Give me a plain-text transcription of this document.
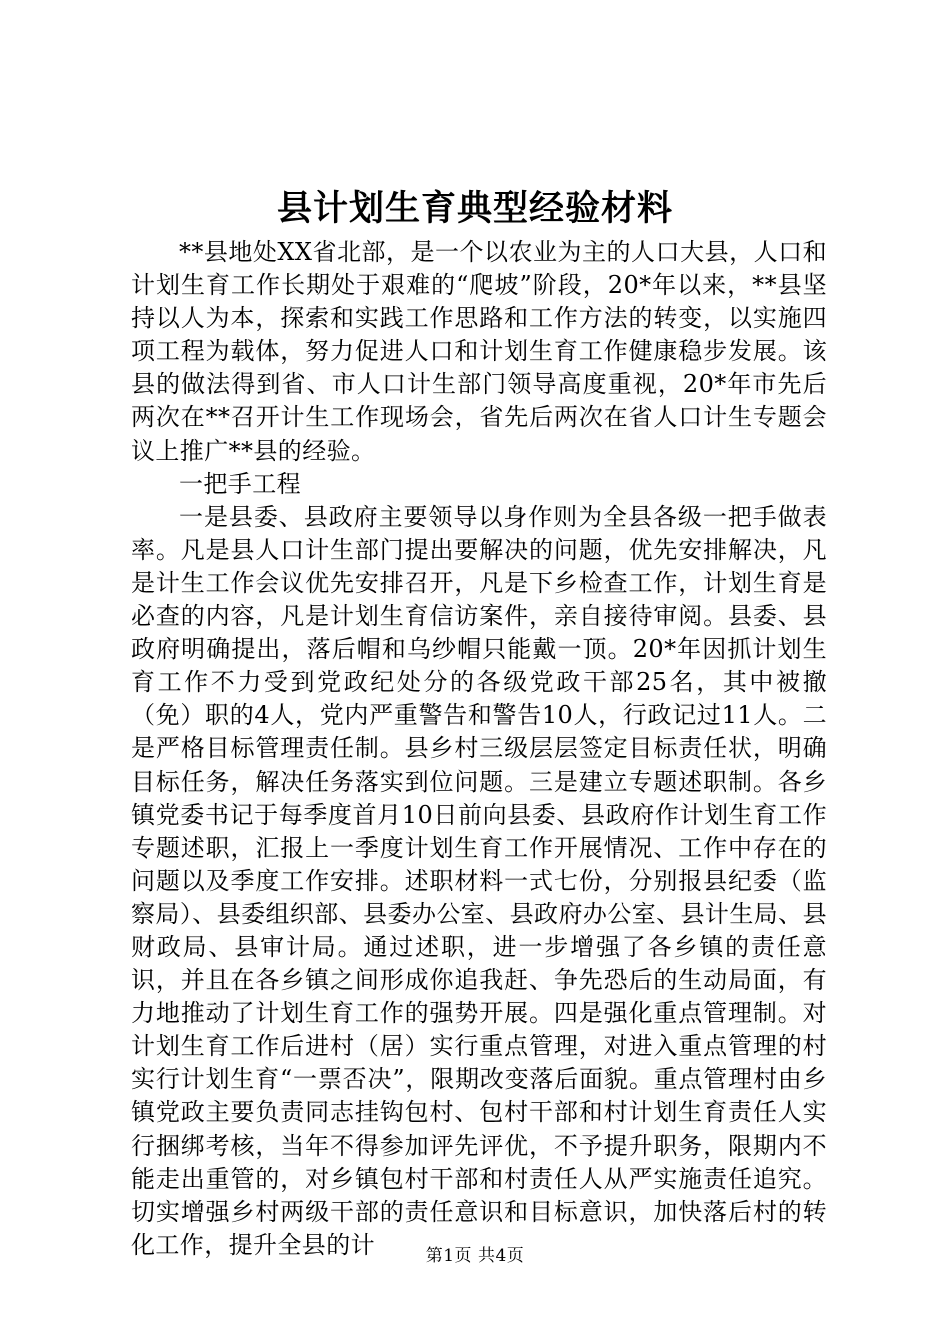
县计划生育典型经验材料

**县地处XX省北部，是一个以农业为主的人口大县，人口和计划生育工作长期处于艰难的“爬坡”阶段，20*年以来，**县坚持以人为本，探索和实践工作思路和工作方法的转变，以实施四项工程为载体，努力促进人口和计划生育工作健康稳步发展。该县的做法得到省、市人口计生部门领导高度重视，20*年市先后两次在**召开计生工作现场会，省先后两次在省人口计生专题会议上推广**县的经验。

一把手工程

一是县委、县政府主要领导以身作则为全县各级一把手做表率。凡是县人口计生部门提出要解决的问题，优先安排解决，凡是计生工作会议优先安排召开，凡是下乡检查工作，计划生育是必查的内容，凡是计划生育信访案件，亲自接待审阅。县委、县政府明确提出，落后帽和乌纱帽只能戴一顶。20*年因抓计划生育工作不力受到党政纪处分的各级党政干部25名，其中被撤（免）职的4人，党内严重警告和警告10人，行政记过11人。二是严格目标管理责任制。县乡村三级层层签定目标责任状，明确目标任务，解决任务落实到位问题。三是建立专题述职制。各乡镇党委书记于每季度首月10日前向县委、县政府作计划生育工作专题述职，汇报上一季度计划生育工作开展情况、工作中存在的问题以及季度工作安排。述职材料一式七份，分别报县纪委（监察局）、县委组织部、县委办公室、县政府办公室、县计生局、县财政局、县审计局。通过述职，进一步增强了各乡镇的责任意识，并且在各乡镇之间形成你追我赶、争先恐后的生动局面，有力地推动了计划生育工作的强势开展。四是强化重点管理制。对计划生育工作后进村（居）实行重点管理，对进入重点管理的村实行计划生育“一票否决”，限期改变落后面貌。重点管理村由乡镇党政主要负责同志挂钩包村、包村干部和村计划生育责任人实行捆绑考核，当年不得参加评先评优，不予提升职务，限期内不能走出重管的，对乡镇包村干部和村责任人从严实施责任追究。切实增强乡村两级干部的责任意识和目标意识，加快落后村的转化工作，提升全县的计	第1页 共4页
